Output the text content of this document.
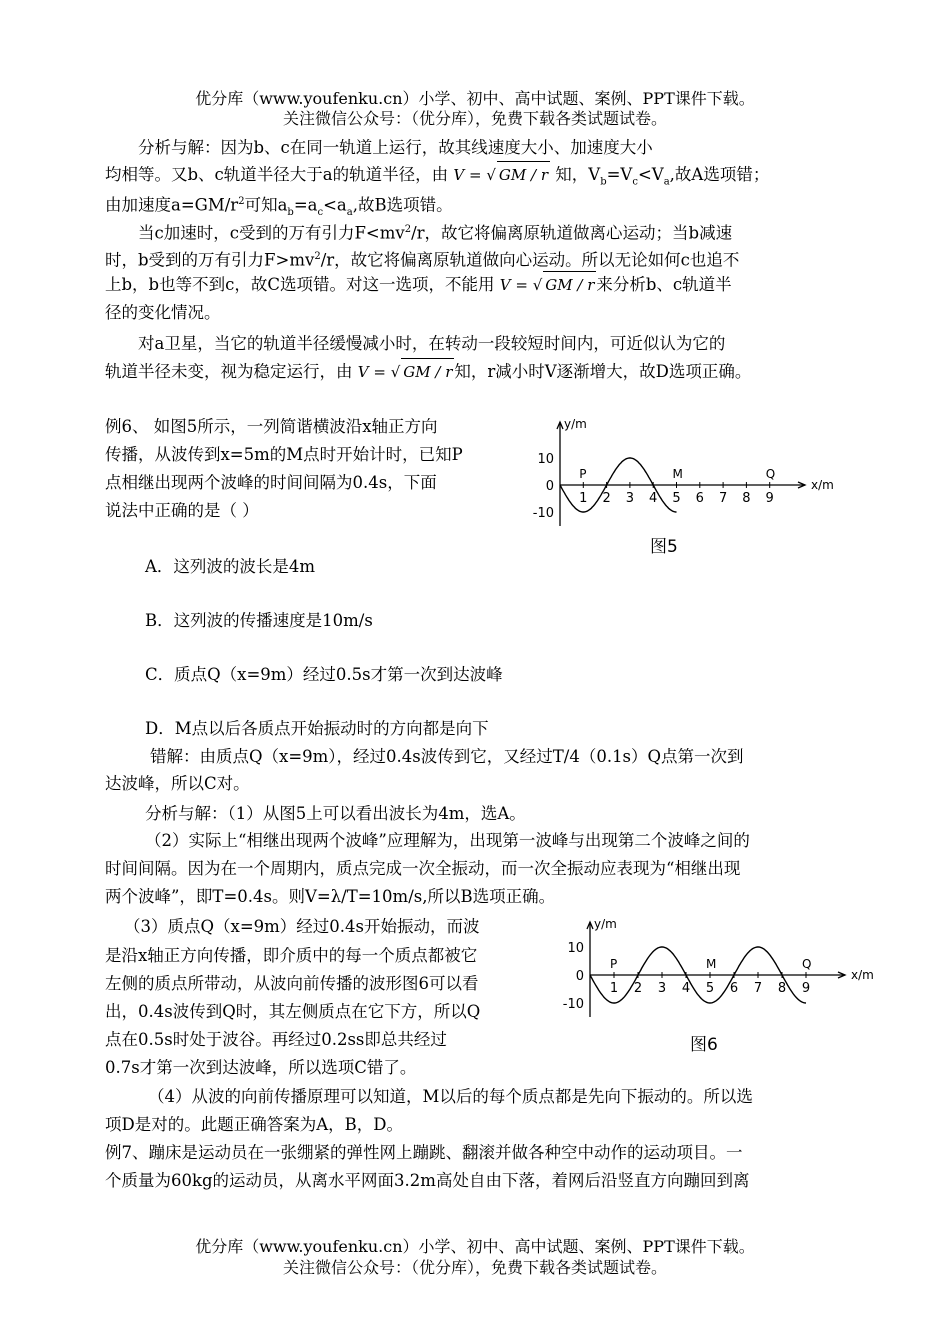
优分库（www.youfenku.cn）小学、初中、高中试题、案例、PPT课件下载。
关注微信公众号：（优分库），免费下载各类试题试卷。
分析与解：因为b、c在同一轨道上运行，故其线速度大小、加速度大小
均相等。又b、c轨道半径大于a的轨道半径，由 V = √ GM / r 知，$V_b=V_c<V_a$,故A选项错；
由加速度$a=GM/r^2$可知$a_b=a_c<a_a$,故B选项错。
当c加速时，c受到的万有引力$F<mv^2/r$，故它将偏离原轨道做离心运动；当b减速
时，b受到的万有引力$F>mv^2/r$，故它将偏离原轨道做向心运动。所以无论如何c也追不
上b，b也等不到c，故C选项错。对这一选项，不能用 V = √ GM / r 来分析b、c轨道半
径的变化情况。
对a卫星，当它的轨道半径缓慢减小时，在转动一段较短时间内，可近似认为它的
轨道半径未变，视为稳定运行，由 V = √ GM / r 知，r减小时V逐渐增大，故D选项正确。
例6、 如图5所示，一列简谐横波沿x轴正方向
传播，从波传到x=5m的M点时开始计时，已知P
点相继出现两个波峰的时间间隔为0.4s，下面
说法中正确的是（ ）
y/m
x/m
10
0
-10
1 2 3 4 5 6 7 8 9
P	M	Q
图5
A．这列波的波长是4m
B．这列波的传播速度是10m/s
C．质点Q（x=9m）经过0.5s才第一次到达波峰
D．M点以后各质点开始振动时的方向都是向下
错解：由质点Q（x=9m），经过0.4s波传到它，又经过T/4（0.1s）Q点第一次到
达波峰，所以C对。
分析与解：（1）从图5上可以看出波长为4m，选A。
（2）实际上“相继出现两个波峰”应理解为，出现第一波峰与出现第二个波峰之间的
时间间隔。因为在一个周期内，质点完成一次全振动，而一次全振动应表现为“相继出现
两个波峰”，即T=0.4s。则V=λ/T=10m/s,所以B选项正确。
（3）质点Q（x=9m）经过0.4s开始振动，而波
是沿x轴正方向传播，即介质中的每一个质点都被它
左侧的质点所带动，从波向前传播的波形图6可以看
出，0.4s波传到Q时，其左侧质点在它下方，所以Q
点在0.5s时处于波谷。再经过0.2ss即总共经过
0.7s才第一次到达波峰，所以选项C错了。
y/m
x/m
10
0
-10
1 2 3 4 5 6 7 8 9
P	M	Q
图6
（4）从波的向前传播原理可以知道，M以后的每个质点都是先向下振动的。所以选
项D是对的。此题正确答案为A，B，D。
例7、蹦床是运动员在一张绷紧的弹性网上蹦跳、翻滚并做各种空中动作的运动项目。一
个质量为60kg的运动员，从离水平网面3.2m高处自由下落，着网后沿竖直方向蹦回到离
优分库（www.youfenku.cn）小学、初中、高中试题、案例、PPT课件下载。
关注微信公众号：（优分库），免费下载各类试题试卷。
